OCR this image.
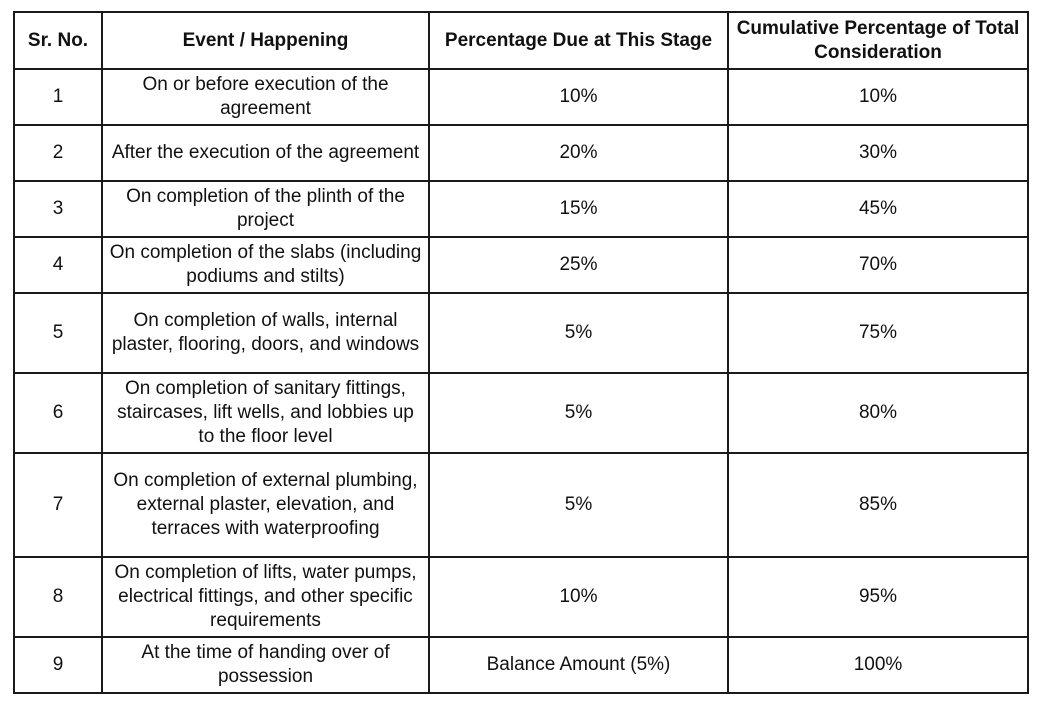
Sr. No.	Event / Happening	Percentage Due at This Stage	Cumulative Percentage of Total Consideration
1	On or before execution of the agreement	10%	10%
2	After the execution of the agreement	20%	30%
3	On completion of the plinth of the project	15%	45%
4	On completion of the slabs (including podiums and stilts)	25%	70%
5	On completion of walls, internal plaster, flooring, doors, and windows	5%	75%
6	On completion of sanitary fittings, staircases, lift wells, and lobbies up to the floor level	5%	80%
7	On completion of external plumbing, external plaster, elevation, and terraces with waterproofing	5%	85%
8	On completion of lifts, water pumps, electrical fittings, and other specific requirements	10%	95%
9	At the time of handing over of possession	Balance Amount (5%)	100%
